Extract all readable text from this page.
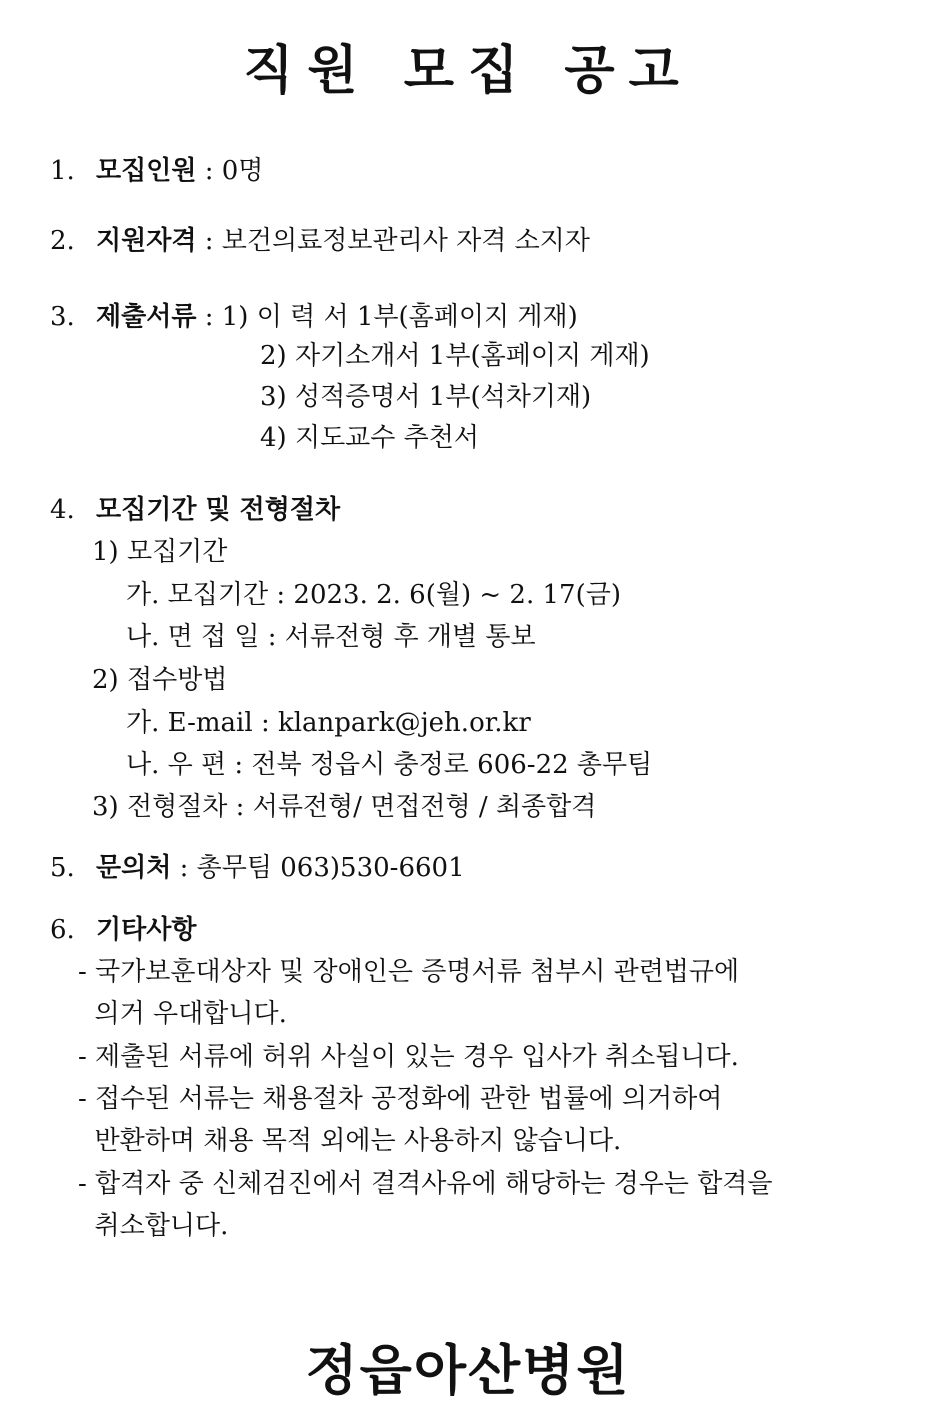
직원 모집 공고
1. 모집인원 : 0명
2. 지원자격 : 보건의료정보관리사 자격 소지자
3. 제출서류 : 1) 이 력 서 1부(홈페이지 게재)
2) 자기소개서 1부(홈페이지 게재)
3) 성적증명서 1부(석차기재)
4) 지도교수 추천서
4. 모집기간 및 전형절차
1) 모집기간
가. 모집기간 : 2023. 2. 6(월) ~ 2. 17(금)
나. 면 접 일 : 서류전형 후 개별 통보
2) 접수방법
가. E-mail : klanpark@jeh.or.kr
나. 우 편 : 전북 정읍시 충정로 606-22 총무팀
3) 전형절차 : 서류전형/ 면접전형 / 최종합격
5. 문의처 : 총무팀 063)530-6601
6. 기타사항
- 국가보훈대상자 및 장애인은 증명서류 첨부시 관련법규에
의거 우대합니다.
- 제출된 서류에 허위 사실이 있는 경우 입사가 취소됩니다.
- 접수된 서류는 채용절차 공정화에 관한 법률에 의거하여
반환하며 채용 목적 외에는 사용하지 않습니다.
- 합격자 중 신체검진에서 결격사유에 해당하는 경우는 합격을
취소합니다.
정읍아산병원
